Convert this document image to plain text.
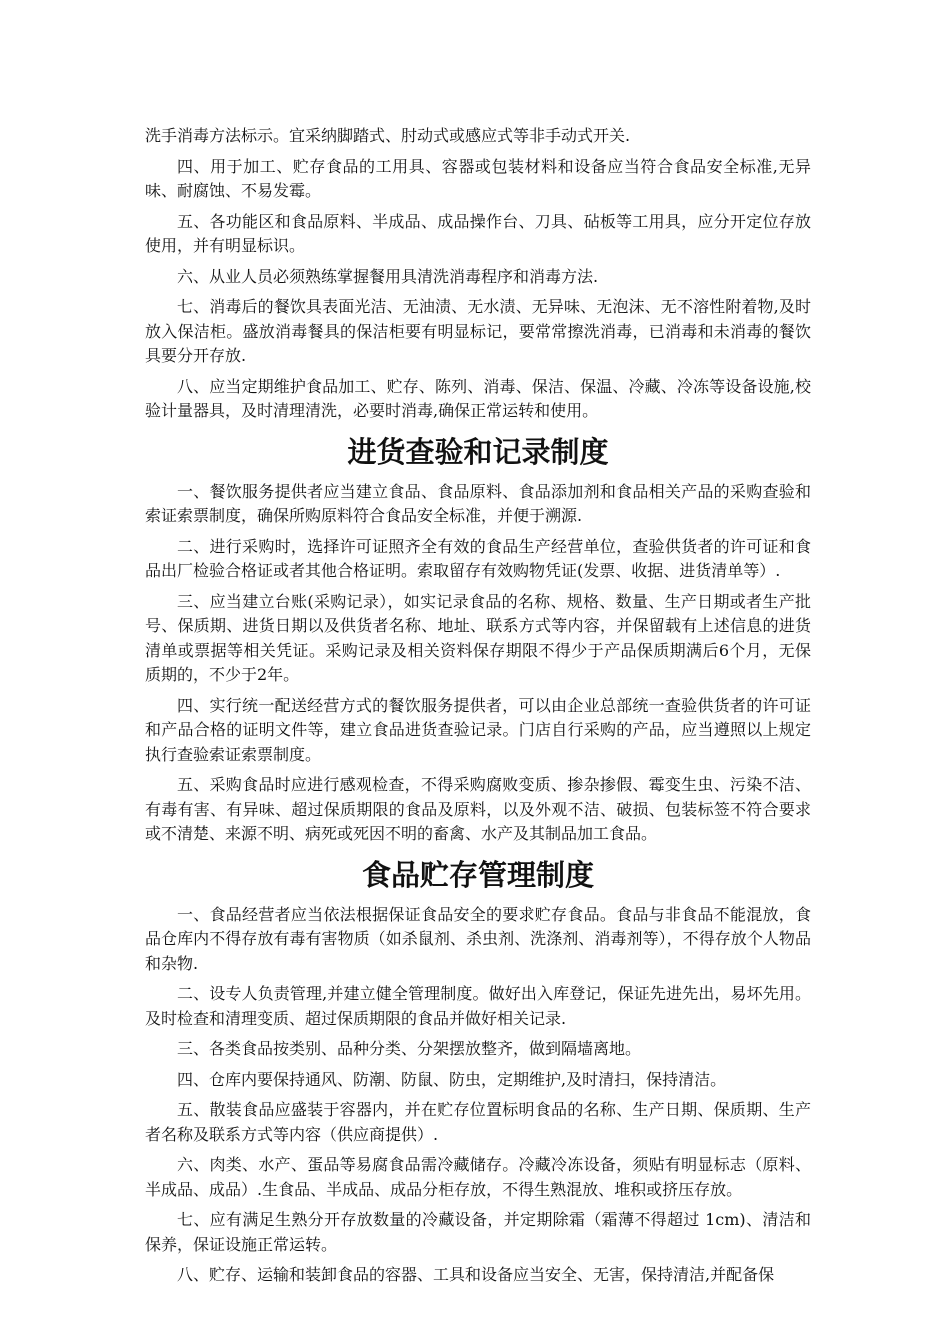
洗手消毒方法标示。宜采纳脚踏式、肘动式或感应式等非手动式开关.

四、用于加工、贮存食品的工用具、容器或包装材料和设备应当符合食品安全标准,无异味、耐腐蚀、不易发霉。

五、各功能区和食品原料、半成品、成品操作台、刀具、砧板等工用具，应分开定位存放使用，并有明显标识。

六、从业人员必须熟练掌握餐用具清洗消毒程序和消毒方法.

七、消毒后的餐饮具表面光洁、无油渍、无水渍、无异味、无泡沫、无不溶性附着物,及时放入保洁柜。盛放消毒餐具的保洁柜要有明显标记，要常常擦洗消毒，已消毒和未消毒的餐饮具要分开存放.

八、应当定期维护食品加工、贮存、陈列、消毒、保洁、保温、冷藏、冷冻等设备设施,校验计量器具，及时清理清洗，必要时消毒,确保正常运转和使用。

进货查验和记录制度

一、餐饮服务提供者应当建立食品、食品原料、食品添加剂和食品相关产品的采购查验和索证索票制度，确保所购原料符合食品安全标准，并便于溯源.

二、进行采购时，选择许可证照齐全有效的食品生产经营单位，查验供货者的许可证和食品出厂检验合格证或者其他合格证明。索取留存有效购物凭证(发票、收据、进货清单等）.

三、应当建立台账(采购记录），如实记录食品的名称、规格、数量、生产日期或者生产批号、保质期、进货日期以及供货者名称、地址、联系方式等内容，并保留载有上述信息的进货清单或票据等相关凭证。采购记录及相关资料保存期限不得少于产品保质期满后6个月，无保质期的，不少于2年。

四、实行统一配送经营方式的餐饮服务提供者，可以由企业总部统一查验供货者的许可证和产品合格的证明文件等，建立食品进货查验记录。门店自行采购的产品，应当遵照以上规定执行查验索证索票制度。

五、采购食品时应进行感观检查，不得采购腐败变质、掺杂掺假、霉变生虫、污染不洁、有毒有害、有异味、超过保质期限的食品及原料，以及外观不洁、破损、包装标签不符合要求或不清楚、来源不明、病死或死因不明的畜禽、水产及其制品加工食品。

食品贮存管理制度

一、食品经营者应当依法根据保证食品安全的要求贮存食品。食品与非食品不能混放，食品仓库内不得存放有毒有害物质（如杀鼠剂、杀虫剂、洗涤剂、消毒剂等），不得存放个人物品和杂物.

二、设专人负责管理,并建立健全管理制度。做好出入库登记，保证先进先出，易坏先用。及时检查和清理变质、超过保质期限的食品并做好相关记录.

三、各类食品按类别、品种分类、分架摆放整齐，做到隔墙离地。

四、仓库内要保持通风、防潮、防鼠、防虫，定期维护,及时清扫，保持清洁。

五、散装食品应盛装于容器内，并在贮存位置标明食品的名称、生产日期、保质期、生产者名称及联系方式等内容（供应商提供）.

六、肉类、水产、蛋品等易腐食品需冷藏储存。冷藏冷冻设备，须贴有明显标志（原料、半成品、成品）.生食品、半成品、成品分柜存放，不得生熟混放、堆积或挤压存放。

七、应有满足生熟分开存放数量的冷藏设备，并定期除霜（霜薄不得超过 1cm)、清洁和保养，保证设施正常运转。

八、贮存、运输和装卸食品的容器、工具和设备应当安全、无害，保持清洁,并配备保
